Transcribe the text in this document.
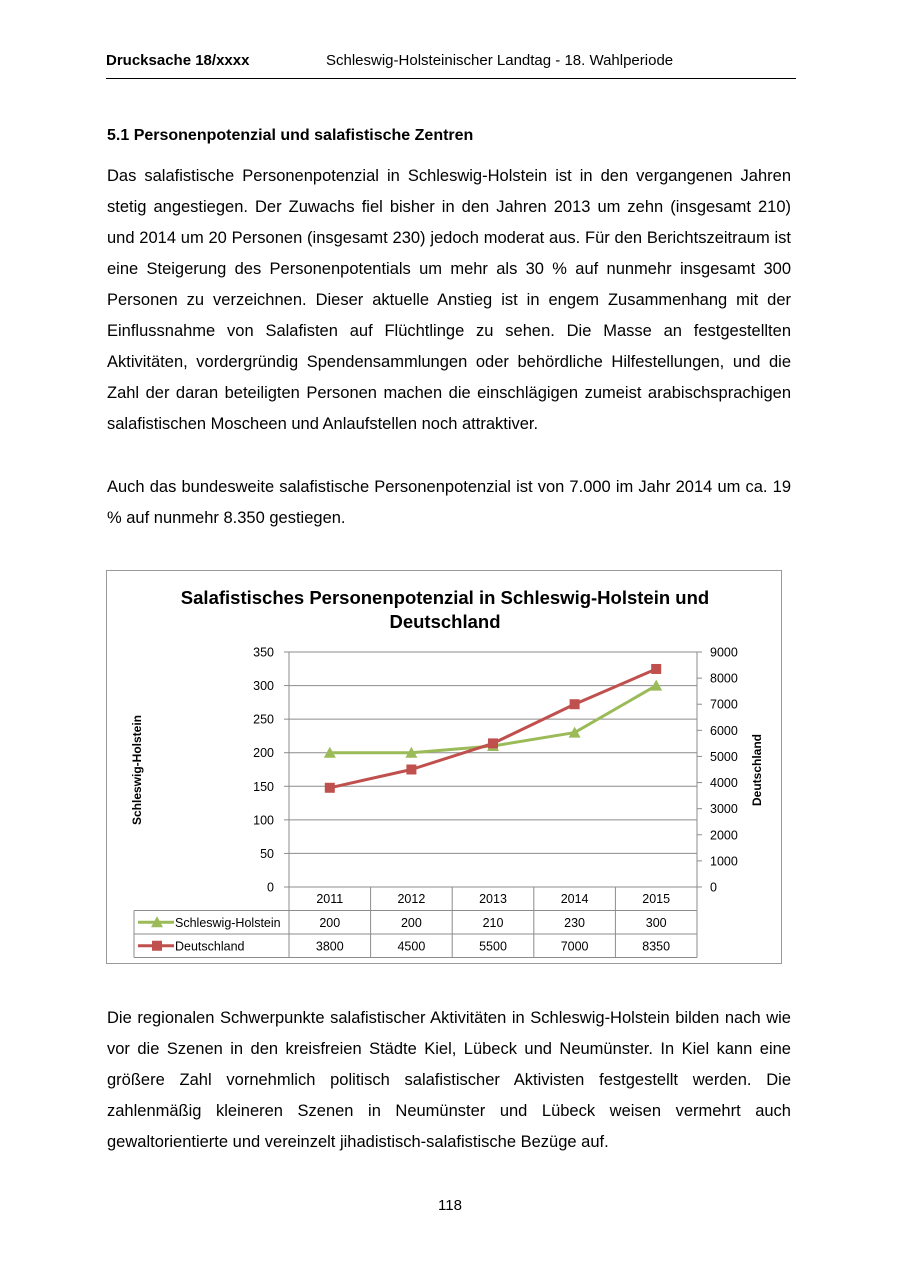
Drucksache 18/xxxx	Schleswig-Holsteinischer Landtag - 18. Wahlperiode
5.1 Personenpotenzial und salafistische Zentren

Das salafistische Personenpotenzial in Schleswig-Holstein ist in den vergangenen Jahren stetig angestiegen. Der Zuwachs fiel bisher in den Jahren 2013 um zehn (insgesamt 210) und 2014 um 20 Personen (insgesamt 230) jedoch moderat aus. Für den Berichtszeitraum ist eine Steigerung des Personenpotentials um mehr als 30 % auf nunmehr insgesamt 300 Personen zu verzeichnen. Dieser aktuelle Anstieg ist in engem Zusammenhang mit der Einflussnahme von Salafisten auf Flüchtlinge zu sehen. Die Masse an festgestellten Aktivitäten, vordergründig Spendensammlungen oder behördliche Hilfestellungen, und die Zahl der daran beteiligten Personen machen die einschlägigen zumeist arabischsprachigen salafistischen Moscheen und Anlaufstellen noch attraktiver.

Auch das bundesweite salafistische Personenpotenzial ist von 7.000 im Jahr 2014 um ca. 19 % auf nunmehr 8.350 gestiegen.

Salafistisches Personenpotenzial in Schleswig-Holstein und
Deutschland
Schleswig-Holstein	Deutschland
0
50
100
150
200
250
300
350
0
1000
2000
3000
4000
5000
6000
7000
8000
9000
2011	2012	2013	2014	2015
Schleswig-Holstein	200	200	210	230	300
Deutschland	3800	4500	5500	7000	8350

Die regionalen Schwerpunkte salafistischer Aktivitäten in Schleswig-Holstein bilden nach wie vor die Szenen in den kreisfreien Städte Kiel, Lübeck und Neumünster. In Kiel kann eine größere Zahl vornehmlich politisch salafistischer Aktivisten festgestellt werden. Die zahlenmäßig kleineren Szenen in Neumünster und Lübeck weisen vermehrt auch gewaltorientierte und vereinzelt jihadistisch-salafistische Bezüge auf.

118
